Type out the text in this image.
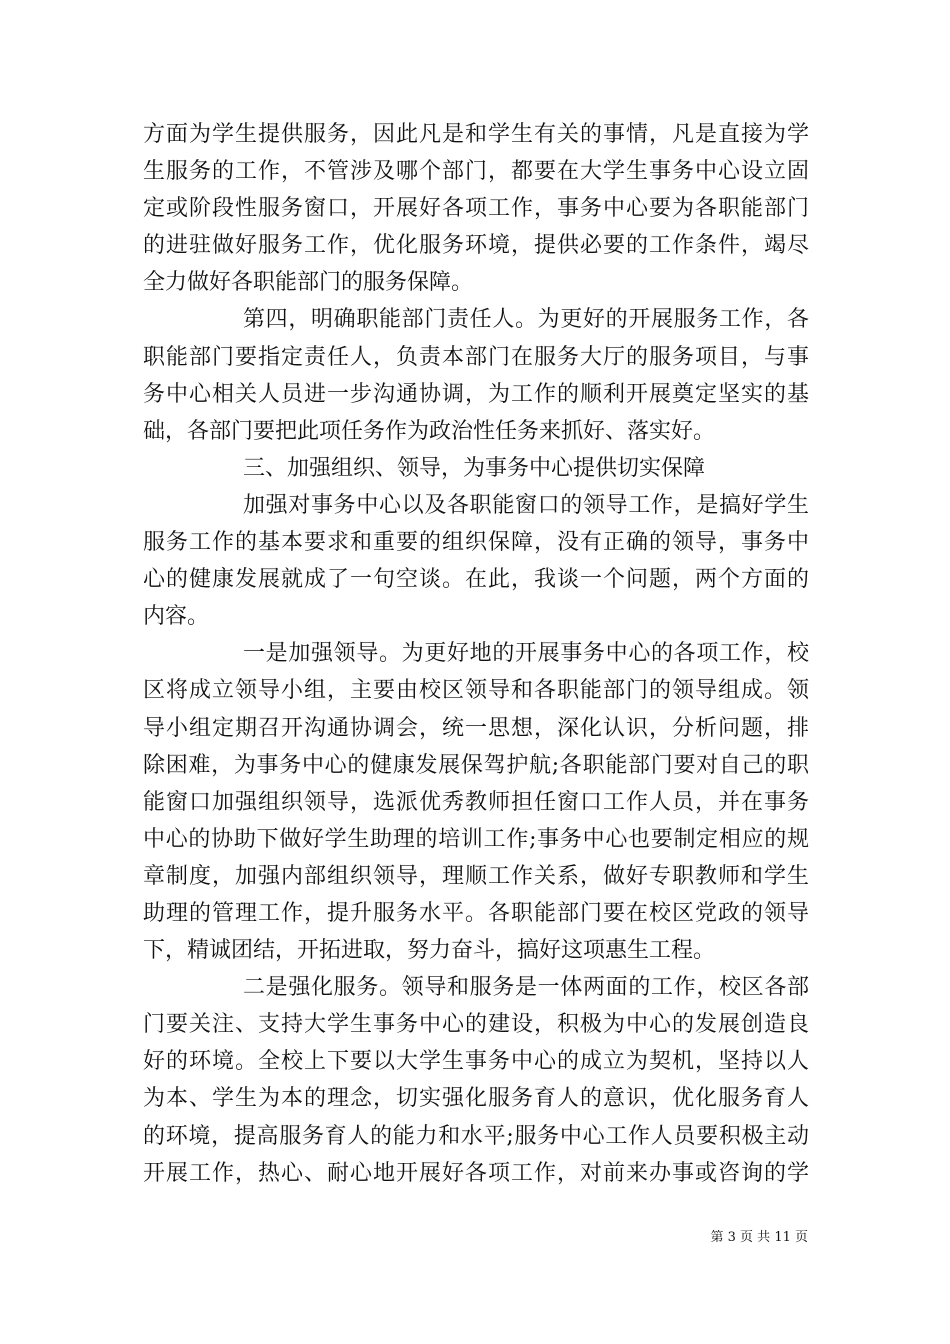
方面为学生提供服务，因此凡是和学生有关的事情，凡是直接为学
生服务的工作，不管涉及哪个部门，都要在大学生事务中心设立固
定或阶段性服务窗口，开展好各项工作，事务中心要为各职能部门
的进驻做好服务工作，优化服务环境，提供必要的工作条件，竭尽
全力做好各职能部门的服务保障。
第四，明确职能部门责任人。为更好的开展服务工作，各
职能部门要指定责任人，负责本部门在服务大厅的服务项目，与事
务中心相关人员进一步沟通协调，为工作的顺利开展奠定坚实的基
础，各部门要把此项任务作为政治性任务来抓好、落实好。
三、加强组织、领导，为事务中心提供切实保障
加强对事务中心以及各职能窗口的领导工作，是搞好学生
服务工作的基本要求和重要的组织保障，没有正确的领导，事务中
心的健康发展就成了一句空谈。在此，我谈一个问题，两个方面的
内容。
一是加强领导。为更好地的开展事务中心的各项工作，校
区将成立领导小组，主要由校区领导和各职能部门的领导组成。领
导小组定期召开沟通协调会，统一思想，深化认识，分析问题，排
除困难，为事务中心的健康发展保驾护航;各职能部门要对自己的职
能窗口加强组织领导，选派优秀教师担任窗口工作人员，并在事务
中心的协助下做好学生助理的培训工作;事务中心也要制定相应的规
章制度，加强内部组织领导，理顺工作关系，做好专职教师和学生
助理的管理工作，提升服务水平。各职能部门要在校区党政的领导
下，精诚团结，开拓进取，努力奋斗，搞好这项惠生工程。
二是强化服务。领导和服务是一体两面的工作，校区各部
门要关注、支持大学生事务中心的建设，积极为中心的发展创造良
好的环境。全校上下要以大学生事务中心的成立为契机，坚持以人
为本、学生为本的理念，切实强化服务育人的意识，优化服务育人
的环境，提高服务育人的能力和水平;服务中心工作人员要积极主动
开展工作，热心、耐心地开展好各项工作，对前来办事或咨询的学
第 3 页 共 11 页
